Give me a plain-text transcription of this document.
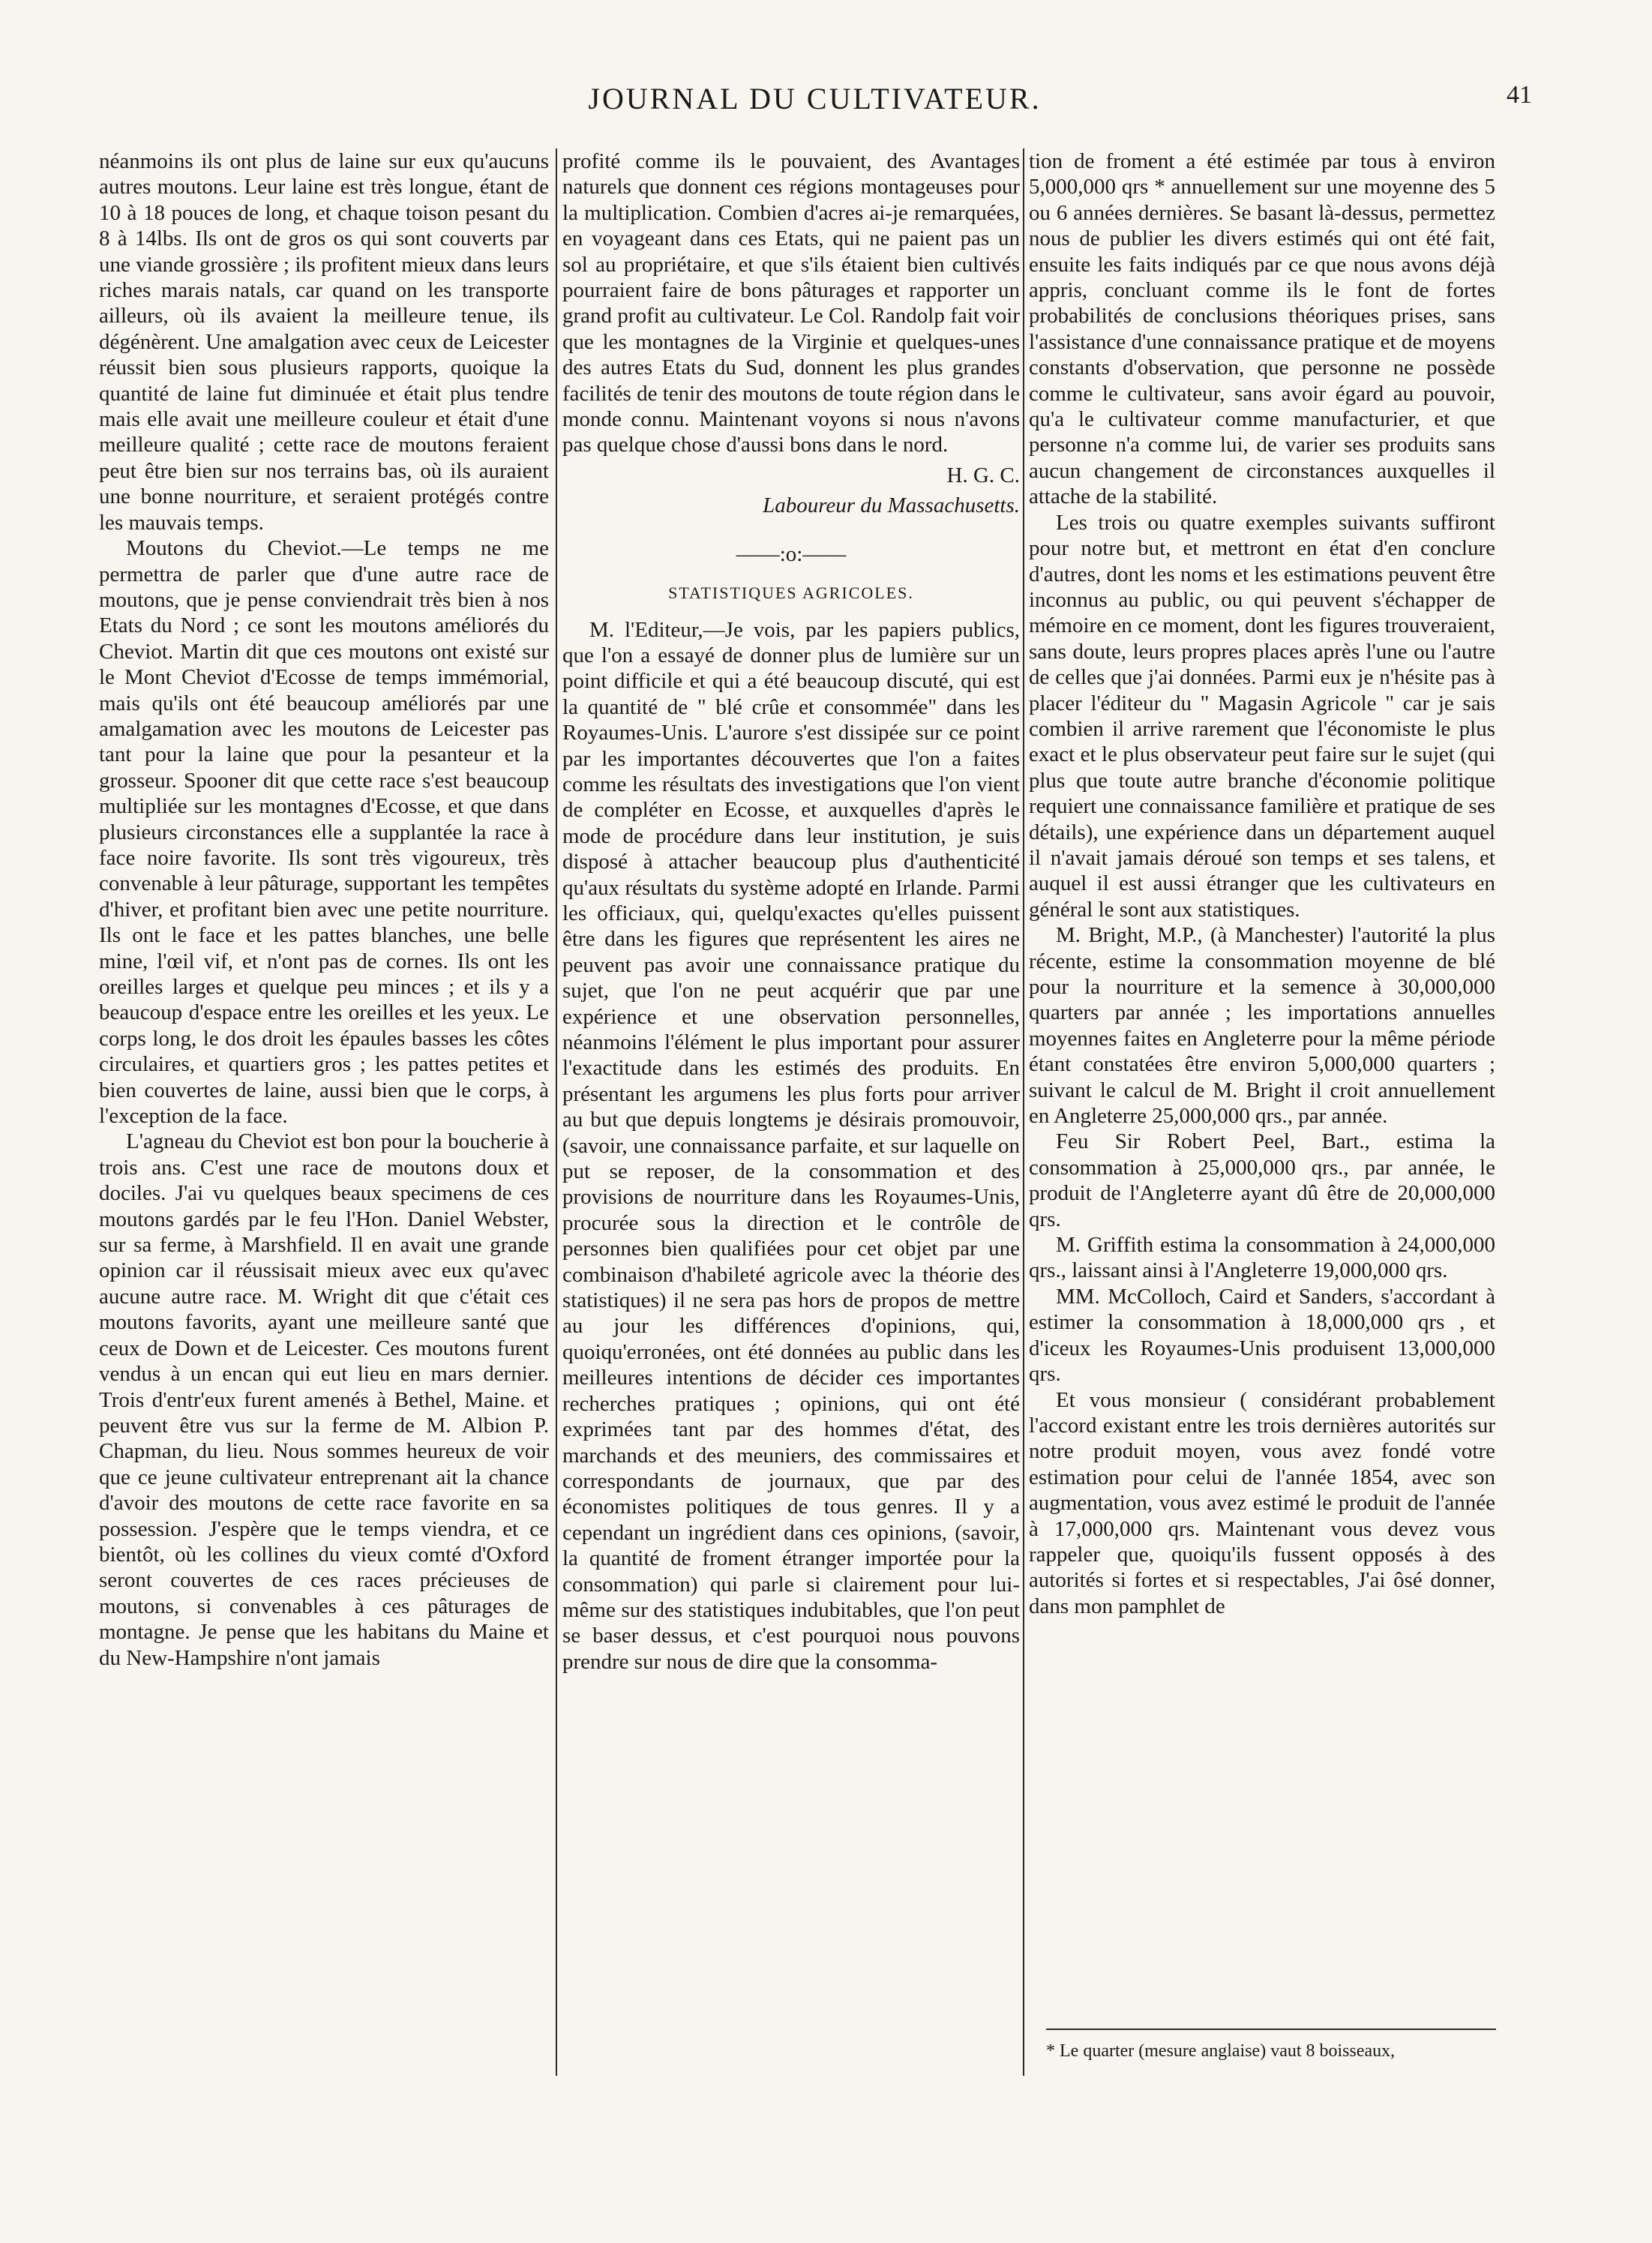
JOURNAL DU CULTIVATEUR.	41

néanmoins ils ont plus de laine sur eux qu'aucuns autres moutons. Leur laine est très longue, étant de 10 à 18 pouces de long, et chaque toison pesant du 8 à 14lbs. Ils ont de gros os qui sont couverts par une viande grossière ; ils profitent mieux dans leurs riches marais natals, car quand on les transporte ailleurs, où ils avaient la meilleure tenue, ils dégénèrent. Une amalgation avec ceux de Leicester réussit bien sous plusieurs rapports, quoique la quantité de laine fut diminuée et était plus tendre mais elle avait une meilleure couleur et était d'une meilleure qualité ; cette race de moutons feraient peut être bien sur nos terrains bas, où ils auraient une bonne nourriture, et seraient protégés contre les mauvais temps.

Moutons du Cheviot.—Le temps ne me permettra de parler que d'une autre race de moutons, que je pense conviendrait très bien à nos Etats du Nord ; ce sont les moutons améliorés du Cheviot. Martin dit que ces moutons ont existé sur le Mont Cheviot d'Ecosse de temps immémorial, mais qu'ils ont été beaucoup améliorés par une amalgamation avec les moutons de Leicester pas tant pour la laine que pour la pesanteur et la grosseur. Spooner dit que cette race s'est beaucoup multipliée sur les montagnes d'Ecosse, et que dans plusieurs circonstances elle a supplantée la race à face noire favorite. Ils sont très vigoureux, très convenable à leur pâturage, supportant les tempêtes d'hiver, et profitant bien avec une petite nourriture. Ils ont le face et les pattes blanches, une belle mine, l'œil vif, et n'ont pas de cornes. Ils ont les oreilles larges et quelque peu minces ; et ils y a beaucoup d'espace entre les oreilles et les yeux. Le corps long, le dos droit les épaules basses les côtes circulaires, et quartiers gros ; les pattes petites et bien couvertes de laine, aussi bien que le corps, à l'exception de la face.

L'agneau du Cheviot est bon pour la boucherie à trois ans. C'est une race de moutons doux et dociles. J'ai vu quelques beaux specimens de ces moutons gardés par le feu l'Hon. Daniel Webster, sur sa ferme, à Marshfield. Il en avait une grande opinion car il réussisait mieux avec eux qu'avec aucune autre race. M. Wright dit que c'était ces moutons favorits, ayant une meilleure santé que ceux de Down et de Leicester. Ces moutons furent vendus à un encan qui eut lieu en mars dernier. Trois d'entr'eux furent amenés à Bethel, Maine. et peuvent être vus sur la ferme de M. Albion P. Chapman, du lieu. Nous sommes heureux de voir que ce jeune cultivateur entreprenant ait la chance d'avoir des moutons de cette race favorite en sa possession. J'espère que le temps viendra, et ce bientôt, où les collines du vieux comté d'Oxford seront couvertes de ces races précieuses de moutons, si convenables à ces pâturages de montagne. Je pense que les habitans du Maine et du New-Hampshire n'ont jamais

profité comme ils le pouvaient, des Avantages naturels que donnent ces régions montageuses pour la multiplication. Combien d'acres ai-je remarquées, en voyageant dans ces Etats, qui ne paient pas un sol au propriétaire, et que s'ils étaient bien cultivés pourraient faire de bons pâturages et rapporter un grand profit au cultivateur. Le Col. Randolp fait voir que les montagnes de la Virginie et quelques-unes des autres Etats du Sud, donnent les plus grandes facilités de tenir des moutons de toute région dans le monde connu. Maintenant voyons si nous n'avons pas quelque chose d'aussi bons dans le nord.

H. G. C.

Laboureur du Massachusetts.

——:o:——

STATISTIQUES AGRICOLES.

M. l'Editeur,—Je vois, par les papiers publics, que l'on a essayé de donner plus de lumière sur un point difficile et qui a été beaucoup discuté, qui est la quantité de " blé crûe et consommée" dans les Royaumes-Unis. L'aurore s'est dissipée sur ce point par les importantes découvertes que l'on a faites comme les résultats des investigations que l'on vient de compléter en Ecosse, et auxquelles d'après le mode de procédure dans leur institution, je suis disposé à attacher beaucoup plus d'authenticité qu'aux résultats du système adopté en Irlande. Parmi les officiaux, qui, quelqu'exactes qu'elles puissent être dans les figures que représentent les aires ne peuvent pas avoir une connaissance pratique du sujet, que l'on ne peut acquérir que par une expérience et une observation personnelles, néanmoins l'élément le plus important pour assurer l'exactitude dans les estimés des produits. En présentant les argumens les plus forts pour arriver au but que depuis longtems je désirais promouvoir, (savoir, une connaissance parfaite, et sur laquelle on put se reposer, de la consommation et des provisions de nourriture dans les Royaumes-Unis, procurée sous la direction et le contrôle de personnes bien qualifiées pour cet objet par une combinaison d'habileté agricole avec la théorie des statistiques) il ne sera pas hors de propos de mettre au jour les différences d'opinions, qui, quoiqu'erronées, ont été données au public dans les meilleures intentions de décider ces importantes recherches pratiques ; opinions, qui ont été exprimées tant par des hommes d'état, des marchands et des meuniers, des commissaires et correspondants de journaux, que par des économistes politiques de tous genres. Il y a cependant un ingrédient dans ces opinions, (savoir, la quantité de froment étranger importée pour la consommation) qui parle si clairement pour lui-même sur des statistiques indubitables, que l'on peut se baser dessus, et c'est pourquoi nous pouvons prendre sur nous de dire que la consomma-

tion de froment a été estimée par tous à environ 5,000,000 qrs * annuellement sur une moyenne des 5 ou 6 années dernières. Se basant là-dessus, permettez nous de publier les divers estimés qui ont été fait, ensuite les faits indiqués par ce que nous avons déjà appris, concluant comme ils le font de fortes probabilités de conclusions théoriques prises, sans l'assistance d'une connaissance pratique et de moyens constants d'observation, que personne ne possède comme le cultivateur, sans avoir égard au pouvoir, qu'a le cultivateur comme manufacturier, et que personne n'a comme lui, de varier ses produits sans aucun changement de circonstances auxquelles il attache de la stabilité.

Les trois ou quatre exemples suivants suffiront pour notre but, et mettront en état d'en conclure d'autres, dont les noms et les estimations peuvent être inconnus au public, ou qui peuvent s'échapper de mémoire en ce moment, dont les figures trouveraient, sans doute, leurs propres places après l'une ou l'autre de celles que j'ai données. Parmi eux je n'hésite pas à placer l'éditeur du " Magasin Agricole " car je sais combien il arrive rarement que l'économiste le plus exact et le plus observateur peut faire sur le sujet (qui plus que toute autre branche d'économie politique requiert une connaissance familière et pratique de ses détails), une expérience dans un département auquel il n'avait jamais déroué son temps et ses talens, et auquel il est aussi étranger que les cultivateurs en général le sont aux statistiques.

M. Bright, M.P., (à Manchester) l'autorité la plus récente, estime la consommation moyenne de blé pour la nourriture et la semence à 30,000,000 quarters par année ; les importations annuelles moyennes faites en Angleterre pour la même période étant constatées être environ 5,000,000 quarters ; suivant le calcul de M. Bright il croit annuellement en Angleterre 25,000,000 qrs., par année.

Feu Sir Robert Peel, Bart., estima la consommation à 25,000,000 qrs., par année, le produit de l'Angleterre ayant dû être de 20,000,000 qrs.

M. Griffith estima la consommation à 24,000,000 qrs., laissant ainsi à l'Angleterre 19,000,000 qrs.

MM. McColloch, Caird et Sanders, s'accordant à estimer la consommation à 18,000,000 qrs , et d'iceux les Royaumes-Unis produisent 13,000,000 qrs.

Et vous monsieur ( considérant probablement l'accord existant entre les trois dernières autorités sur notre produit moyen, vous avez fondé votre estimation pour celui de l'année 1854, avec son augmentation, vous avez estimé le produit de l'année à 17,000,000 qrs. Maintenant vous devez vous rappeler que, quoiqu'ils fussent opposés à des autorités si fortes et si respectables, J'ai ôsé donner, dans mon pamphlet de

* Le quarter (mesure anglaise) vaut 8 boisseaux,
